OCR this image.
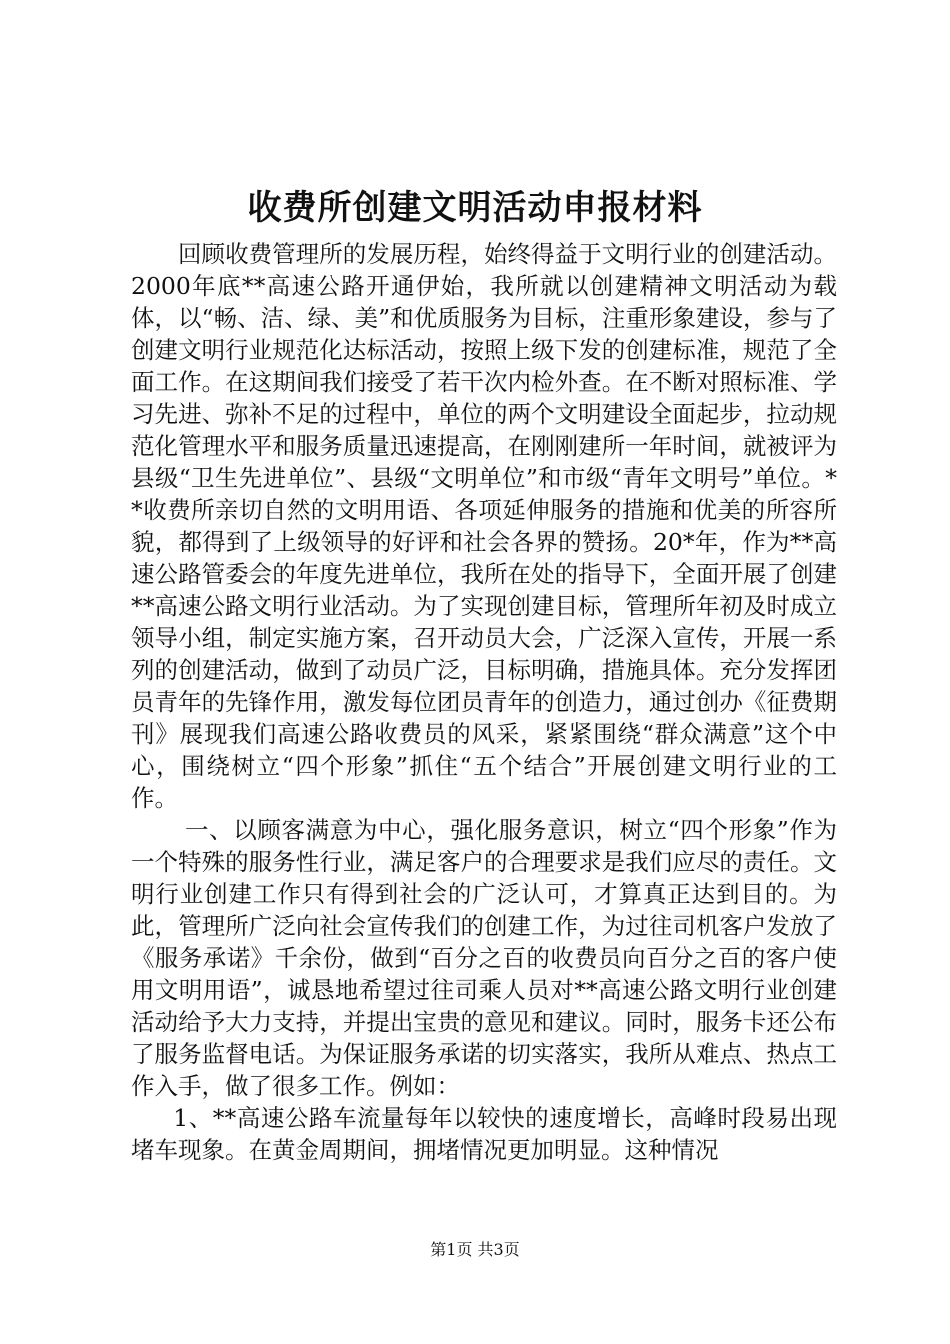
收费所创建文明活动申报材料

回顾收费管理所的发展历程，始终得益于文明行业的创建活动。2000年底**高速公路开通伊始，我所就以创建精神文明活动为载体，以“畅、洁、绿、美”和优质服务为目标，注重形象建设，参与了创建文明行业规范化达标活动，按照上级下发的创建标准，规范了全面工作。在这期间我们接受了若干次内检外查。在不断对照标准、学习先进、弥补不足的过程中，单位的两个文明建设全面起步，拉动规范化管理水平和服务质量迅速提高，在刚刚建所一年时间，就被评为县级“卫生先进单位”、县级“文明单位”和市级“青年文明号”单位。**收费所亲切自然的文明用语、各项延伸服务的措施和优美的所容所貌，都得到了上级领导的好评和社会各界的赞扬。20*年，作为**高速公路管委会的年度先进单位，我所在处的指导下，全面开展了创建**高速公路文明行业活动。为了实现创建目标，管理所年初及时成立领导小组，制定实施方案，召开动员大会，广泛深入宣传，开展一系列的创建活动，做到了动员广泛，目标明确，措施具体。充分发挥团员青年的先锋作用，激发每位团员青年的创造力，通过创办《征费期刊》展现我们高速公路收费员的风采，紧紧围绕“群众满意”这个中心，围绕树立“四个形象”抓住“五个结合”开展创建文明行业的工作。

一、以顾客满意为中心，强化服务意识，树立“四个形象”作为一个特殊的服务性行业，满足客户的合理要求是我们应尽的责任。文明行业创建工作只有得到社会的广泛认可，才算真正达到目的。为此，管理所广泛向社会宣传我们的创建工作，为过往司机客户发放了《服务承诺》千余份，做到“百分之百的收费员向百分之百的客户使用文明用语”，诚恳地希望过往司乘人员对**高速公路文明行业创建活动给予大力支持，并提出宝贵的意见和建议。同时，服务卡还公布了服务监督电话。为保证服务承诺的切实落实，我所从难点、热点工作入手，做了很多工作。例如：

1、**高速公路车流量每年以较快的速度增长，高峰时段易出现堵车现象。在黄金周期间，拥堵情况更加明显。这种情况

第1页 共3页
